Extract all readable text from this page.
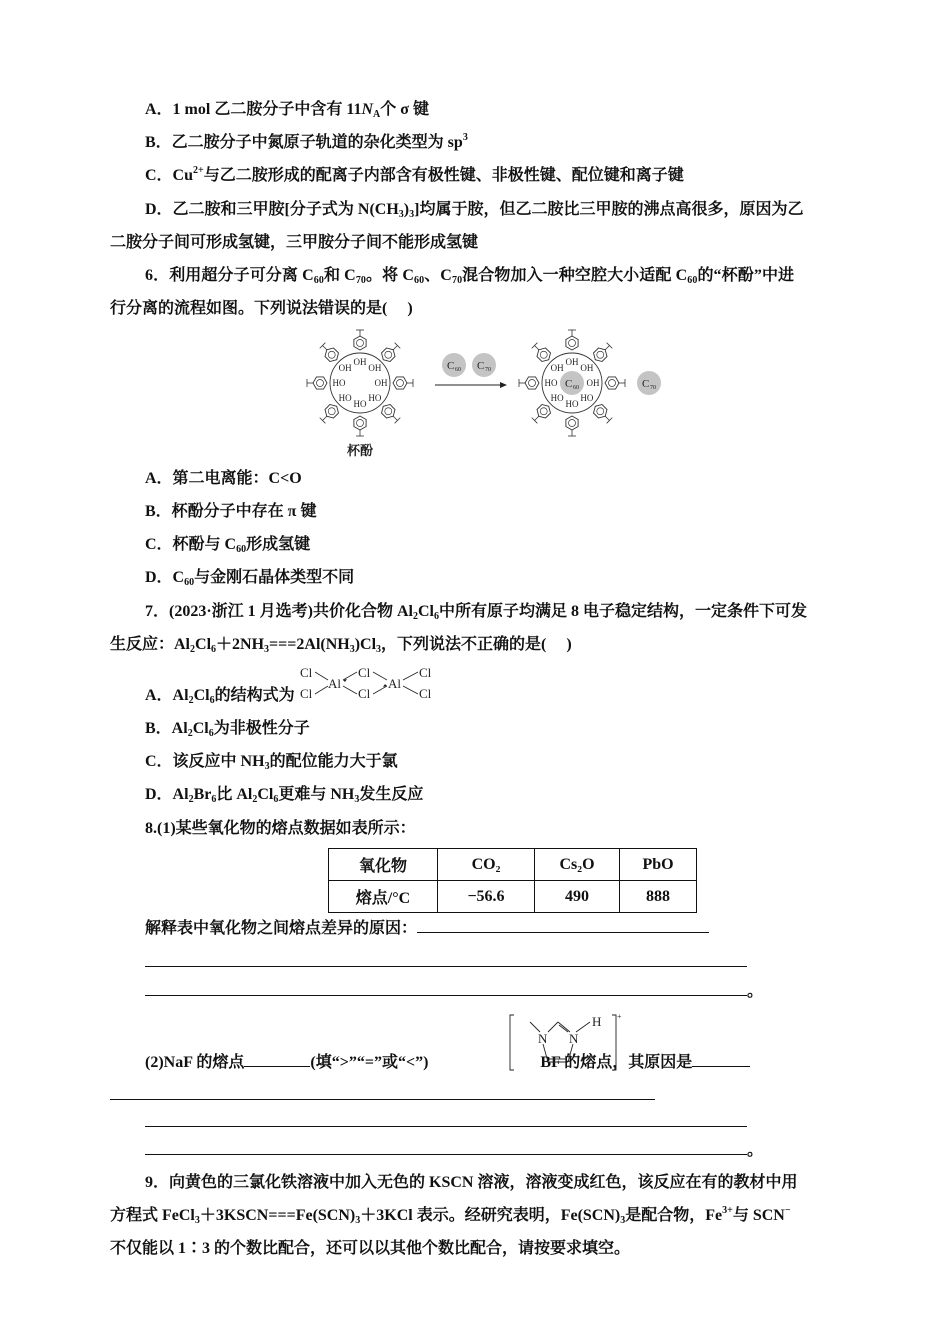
A．1 mol 乙二胺分子中含有 $11N_A$个 σ 键
B．乙二胺分子中氮原子轨道的杂化类型为 $sp^3$
C．$Cu^{2+}$与乙二胺形成的配离子内部含有极性键、非极性键、配位键和离子键
D．乙二胺和三甲胺[分子式为 $N(CH_3)_3$]均属于胺，但乙二胺比三甲胺的沸点高很多，原因为乙
二胺分子间可形成氢键，三甲胺分子间不能形成氢键
6．利用超分子可分离 $C_{60}$和 $C_{70}$。将 $C_{60}$、$C_{70}$混合物加入一种空腔大小适配 $C_{60}$的“杯酚”中进
行分离的流程如图。下列说法错误的是(　 )
OH
OH
OH
HO
HO
HO
HO
OH
OH
OH
OH
HO
HO
HO
HO
OH
C 60
杯酚
C 60 C 70
C 70
A．第二电离能：C<O
B．杯酚分子中存在 π 键
C．杯酚与 $C_{60}$形成氢键
D．$C_{60}$与金刚石晶体类型不同
7．(2023·浙江 1 月选考)共价化合物 $Al_2Cl_6$中所有原子均满足 8 电子稳定结构，一定条件下可发
生反应：$Al_2Cl_6+2NH_3===2Al(NH_3)Cl_3$，下列说法不正确的是(　 )
A．$Al_2Cl_6$的结构式为
Cl
Cl
Al
Cl
Cl
Al
Cl
Cl
B．$Al_2Cl_6$为非极性分子
C．该反应中 $NH_3$的配位能力大于氯
D．$Al_2Br_6$比 $Al_2Cl_6$更难与 $NH_3$发生反应
8.(1)某些氧化物的熔点数据如表所示：
氧化物	CO₂	Cs₂O	PbO
熔点/°C	−56.6	490	888
解释表中氧化物之间熔点差异的原因：
。
(2)NaF 的熔点	(填“>”“=”或“<”)	BF 的熔点，其原因是
N N
H +
。
9．向黄色的三氯化铁溶液中加入无色的 KSCN 溶液，溶液变成红色，该反应在有的教材中用
方程式 $FeCl_3+3KSCN===Fe(SCN)_3+3KCl$ 表示。经研究表明，$Fe(SCN)_3$是配合物，$Fe^{3+}$与 SCN−
不仅能以 1∶3 的个数比配合，还可以以其他个数比配合，请按要求填空。
